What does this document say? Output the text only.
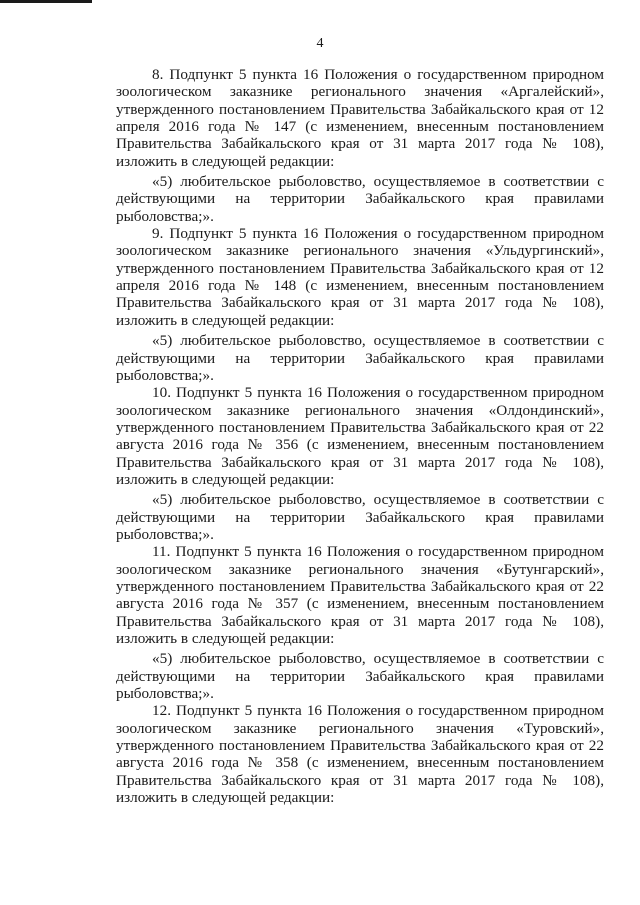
4

8. Подпункт 5 пункта 16 Положения о государственном природном зоологическом заказнике регионального значения «Аргалейский», утвержденного постановлением Правительства Забайкальского края от 12 апреля 2016 года № 147 (с изменением, внесенным постановлением Правительства Забайкальского края от 31 марта 2017 года № 108), изложить в следующей редакции:

«5) любительское рыболовство, осуществляемое в соответствии с действующими на территории Забайкальского края правилами рыболовства;».

9. Подпункт 5 пункта 16 Положения о государственном природном зоологическом заказнике регионального значения «Ульдургинский», утвержденного постановлением Правительства Забайкальского края от 12 апреля 2016 года № 148 (с изменением, внесенным постановлением Правительства Забайкальского края от 31 марта 2017 года № 108), изложить в следующей редакции:

«5) любительское рыболовство, осуществляемое в соответствии с действующими на территории Забайкальского края правилами рыболовства;».

10. Подпункт 5 пункта 16 Положения о государственном природном зоологическом заказнике регионального значения «Олдондинский», утвержденного постановлением Правительства Забайкальского края от 22 августа 2016 года № 356 (с изменением, внесенным постановлением Правительства Забайкальского края от 31 марта 2017 года № 108), изложить в следующей редакции:

«5) любительское рыболовство, осуществляемое в соответствии с действующими на территории Забайкальского края правилами рыболовства;».

11. Подпункт 5 пункта 16 Положения о государственном природном зоологическом заказнике регионального значения «Бутунгарский», утвержденного постановлением Правительства Забайкальского края от 22 августа 2016 года № 357 (с изменением, внесенным постановлением Правительства Забайкальского края от 31 марта 2017 года № 108), изложить в следующей редакции:

«5) любительское рыболовство, осуществляемое в соответствии с действующими на территории Забайкальского края правилами рыболовства;».

12. Подпункт 5 пункта 16 Положения о государственном природном зоологическом заказнике регионального значения «Туровский», утвержденного постановлением Правительства Забайкальского края от 22 августа 2016 года № 358 (с изменением, внесенным постановлением Правительства Забайкальского края от 31 марта 2017 года № 108), изложить в следующей редакции:
